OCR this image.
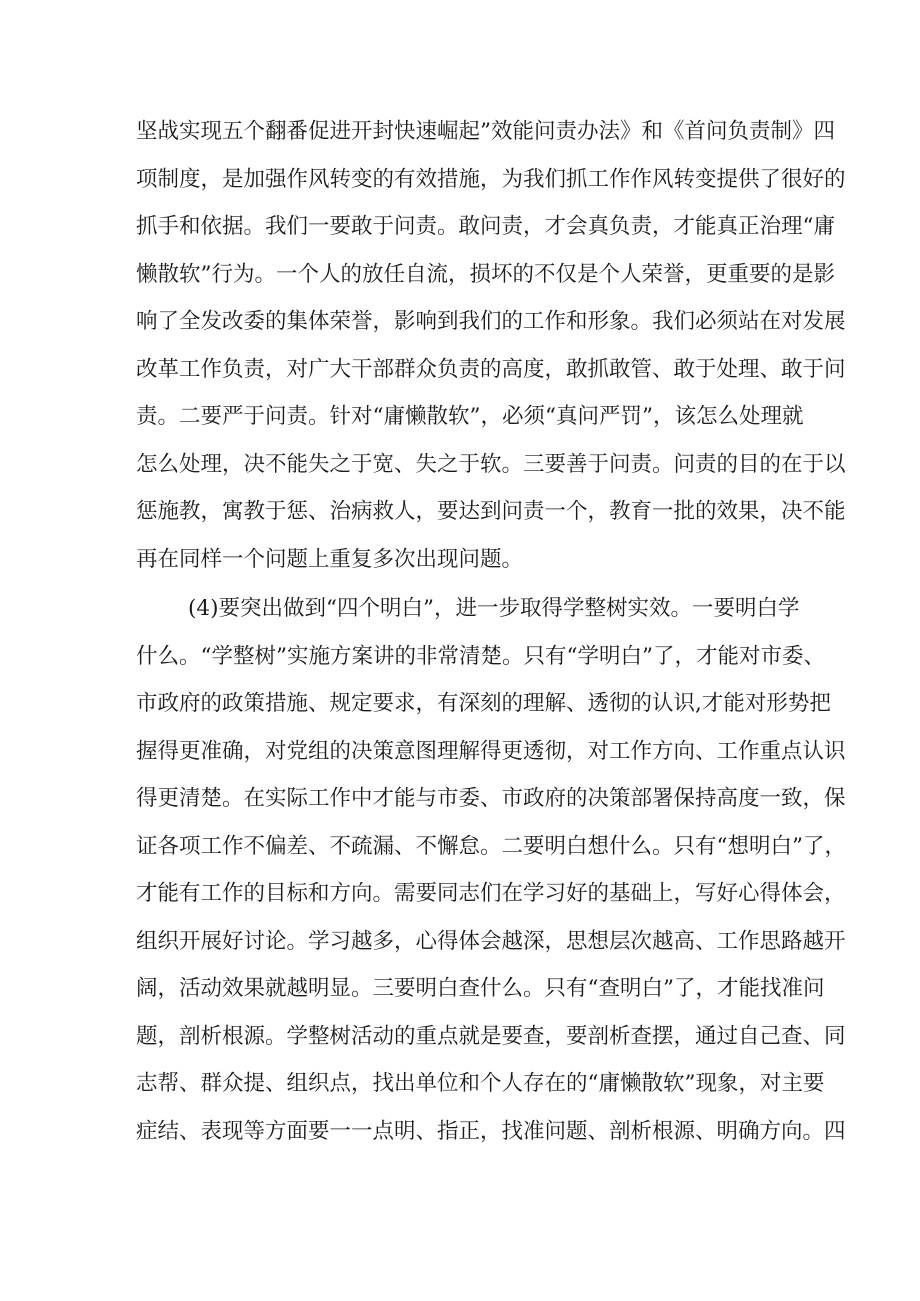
坚战实现五个翻番促进开封快速崛起”效能问责办法》和《首问负责制》四
项制度，是加强作风转变的有效措施，为我们抓工作作风转变提供了很好的
抓手和依据。我们一要敢于问责。敢问责，才会真负责，才能真正治理“庸
懒散软”行为。一个人的放任自流，损坏的不仅是个人荣誉，更重要的是影
响了全发改委的集体荣誉，影响到我们的工作和形象。我们必须站在对发展
改革工作负责，对广大干部群众负责的高度，敢抓敢管、敢于处理、敢于问
责。二要严于问责。针对“庸懒散软”，必须“真问严罚”，该怎么处理就
怎么处理，决不能失之于宽、失之于软。三要善于问责。问责的目的在于以
惩施教，寓教于惩、治病救人，要达到问责一个，教育一批的效果，决不能
再在同样一个问题上重复多次出现问题。
(4)要突出做到“四个明白”，进一步取得学整树实效。一要明白学
什么。“学整树”实施方案讲的非常清楚。只有“学明白”了，才能对市委、
市政府的政策措施、规定要求，有深刻的理解、透彻的认识,才能对形势把
握得更准确，对党组的决策意图理解得更透彻，对工作方向、工作重点认识
得更清楚。在实际工作中才能与市委、市政府的决策部署保持高度一致，保
证各项工作不偏差、不疏漏、不懈怠。二要明白想什么。只有“想明白”了，
才能有工作的目标和方向。需要同志们在学习好的基础上，写好心得体会，
组织开展好讨论。学习越多，心得体会越深，思想层次越高、工作思路越开
阔，活动效果就越明显。三要明白查什么。只有“查明白”了，才能找准问
题，剖析根源。学整树活动的重点就是要查，要剖析查摆，通过自己查、同
志帮、群众提、组织点，找出单位和个人存在的“庸懒散软”现象，对主要
症结、表现等方面要一一点明、指正，找准问题、剖析根源、明确方向。四
